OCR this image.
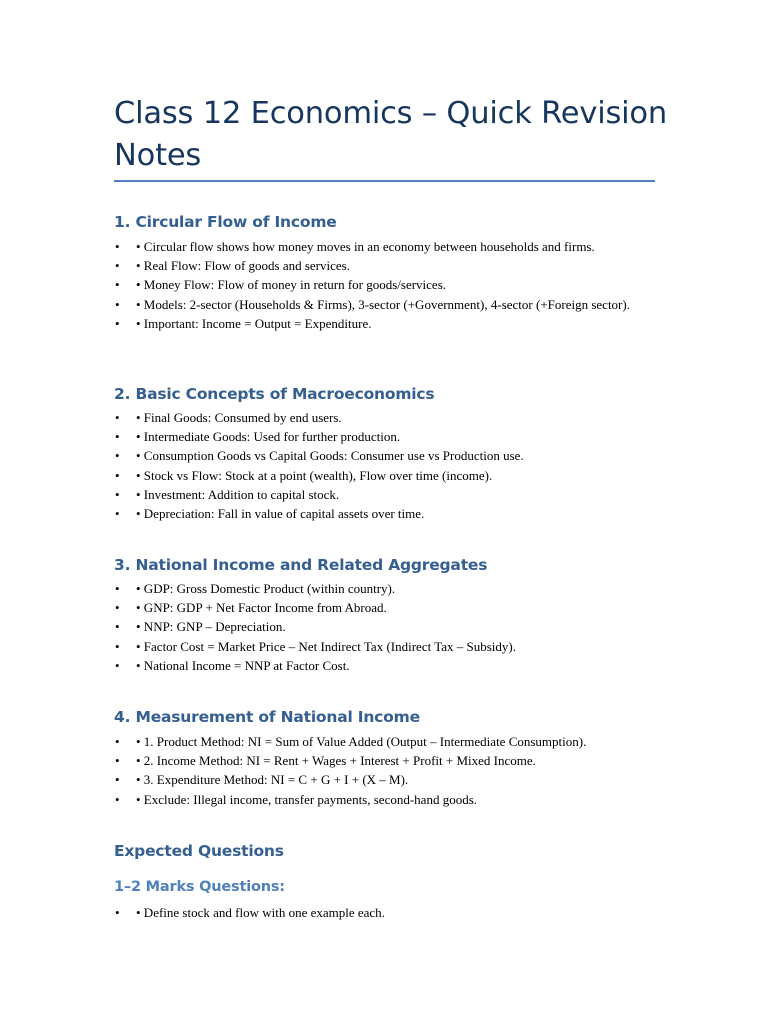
Class 12 Economics – Quick Revision Notes
1. Circular Flow of Income
• • Circular flow shows how money moves in an economy between households and firms.
• • Real Flow: Flow of goods and services.
• • Money Flow: Flow of money in return for goods/services.
• • Models: 2-sector (Households & Firms), 3-sector (+Government), 4-sector (+Foreign sector).
• • Important: Income = Output = Expenditure.
2. Basic Concepts of Macroeconomics
• • Final Goods: Consumed by end users.
• • Intermediate Goods: Used for further production.
• • Consumption Goods vs Capital Goods: Consumer use vs Production use.
• • Stock vs Flow: Stock at a point (wealth), Flow over time (income).
• • Investment: Addition to capital stock.
• • Depreciation: Fall in value of capital assets over time.
3. National Income and Related Aggregates
• • GDP: Gross Domestic Product (within country).
• • GNP: GDP + Net Factor Income from Abroad.
• • NNP: GNP – Depreciation.
• • Factor Cost = Market Price – Net Indirect Tax (Indirect Tax – Subsidy).
• • National Income = NNP at Factor Cost.
4. Measurement of National Income
• • 1. Product Method: NI = Sum of Value Added (Output – Intermediate Consumption).
• • 2. Income Method: NI = Rent + Wages + Interest + Profit + Mixed Income.
• • 3. Expenditure Method: NI = C + G + I + (X – M).
• • Exclude: Illegal income, transfer payments, second-hand goods.
Expected Questions
1–2 Marks Questions:
• • Define stock and flow with one example each.
